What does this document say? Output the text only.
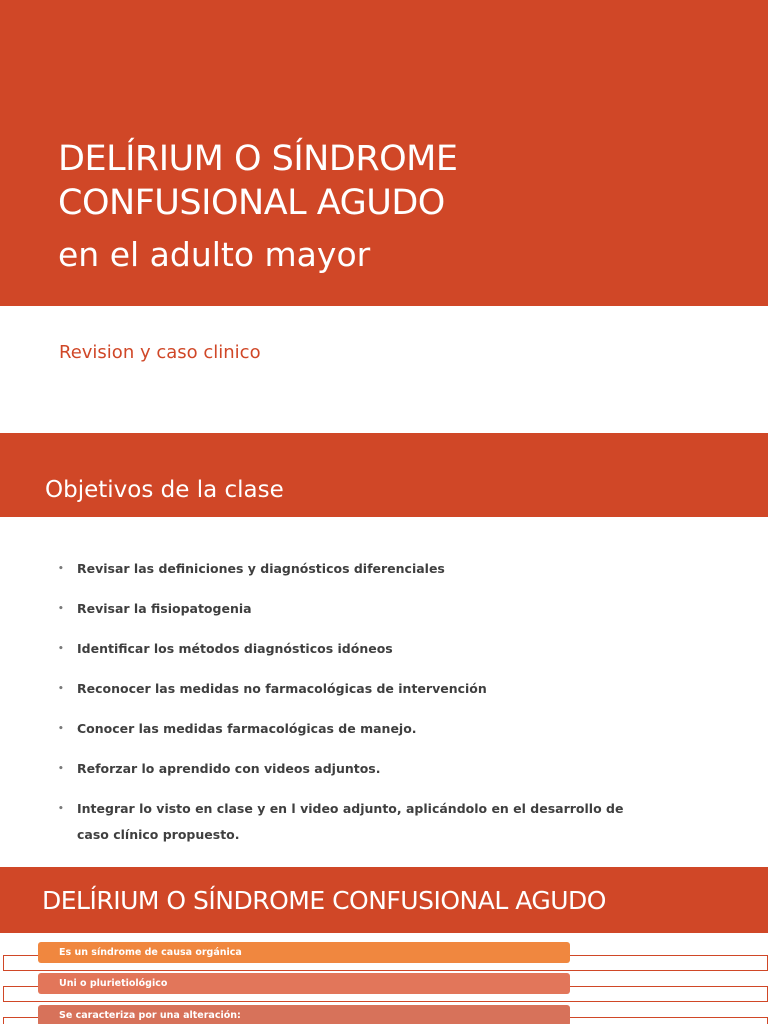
DELÍRIUM O SÍNDROME
CONFUSIONAL AGUDO
en el adulto mayor
Revision y caso clinico
Objetivos de la clase
• Revisar las definiciones y diagnósticos diferenciales
• Revisar la fisiopatogenia
• Identificar los métodos diagnósticos idóneos
• Reconocer las medidas no farmacológicas de intervención
• Conocer las medidas farmacológicas de manejo.
• Reforzar lo aprendido con videos adjuntos.
• Integrar lo visto en clase y en l video adjunto, aplicándolo en el desarrollo de caso clínico propuesto.
DELÍRIUM O SÍNDROME CONFUSIONAL AGUDO
Es un síndrome de causa orgánica
Uni o plurietiológico
Se caracteriza por una alteración:
